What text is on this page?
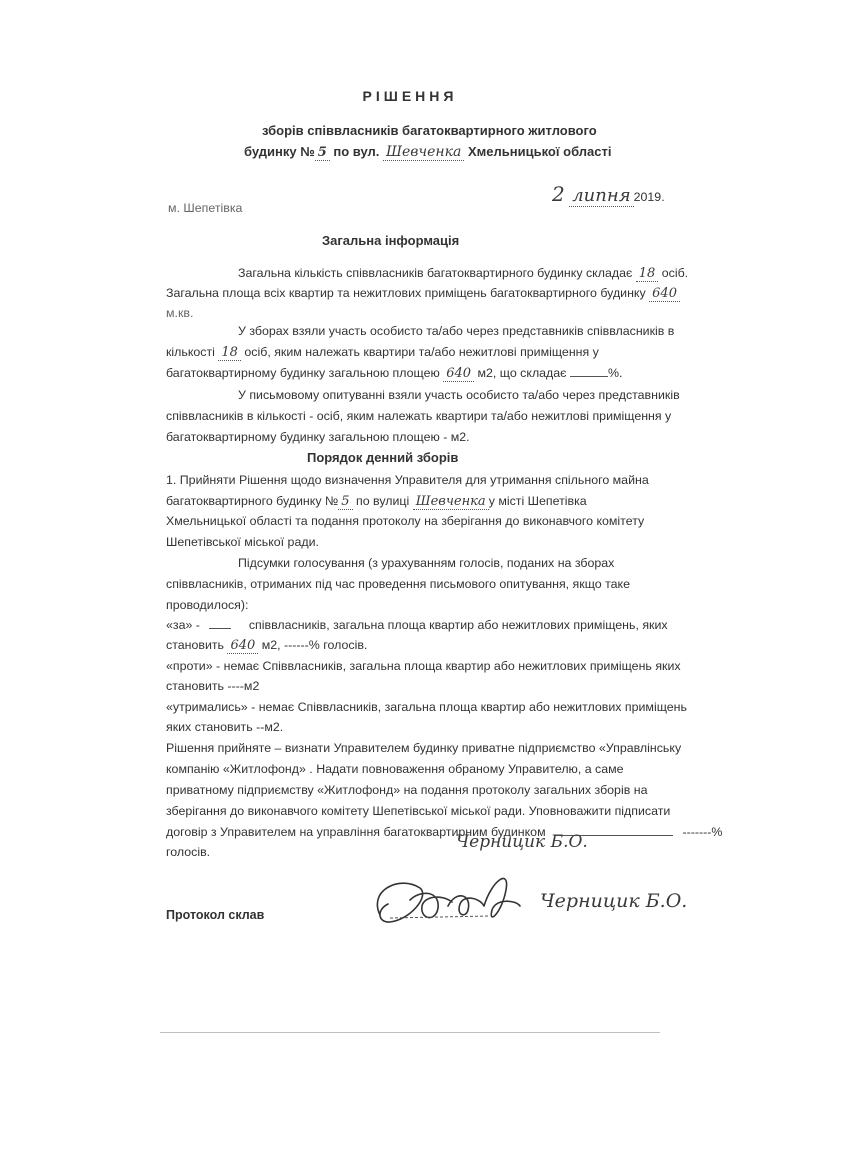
РІШЕННЯ
зборів співвласників багатоквартирного житлового
будинку № 5 по вул. Шевченка Хмельницької області
м. Шепетівка
2 липня 2019.
Загальна інформація
Загальна кількість співвласників багатоквартирного будинку складає 18 осіб.
Загальна площа всіх квартир та нежитлових приміщень багатоквартирного будинку 640
м.кв.
У зборах взяли участь особисто та/або через представників співвласників в
кількості 18 осіб, яким належать квартири та/або нежитлові приміщення у
багатоквартирному будинку загальною площею 640 м2, що складає	%.
У письмовому опитуванні взяли участь особисто та/або через представників
співвласників в кількості - осіб, яким належать квартири та/або нежитлові приміщення у
багатоквартирному будинку загальною площею - м2.
Порядок денний зборів
1. Прийняти Рішення щодо визначення Управителя для утримання спільного майна
багатоквартирного будинку № 5 по вулиці Шевченка у місті Шепетівка
Хмельницької області та подання протоколу на зберігання до виконавчого комітету
Шепетівської міської ради.
Підсумки голосування (з урахуванням голосів, поданих на зборах
співвласників, отриманих під час проведення письмового опитування, якщо таке
проводилося):
«за» -	співвласників, загальна площа квартир або нежитлових приміщень, яких
становить 640 м2, ------% голосів.
«проти» - немає Співвласників, загальна площа квартир або нежитлових приміщень яких
становить ----м2
«утримались» - немає Співвласників, загальна площа квартир або нежитлових приміщень
яких становить --м2.
Рішення прийняте – визнати Управителем будинку приватне підприємство «Управлінську
компанію «Житлофонд» . Надати повноваження обраному Управителю, а саме
приватному підприємству «Житлофонд» на подання протоколу загальних зборів на
зберігання до виконавчого комітету Шепетівської міської ради. Уповноважити підписати
договір з Управителем на управління багатоквартирним будинком	-------%
голосів.	Черницик Б.О.
Протокол склав
Черницик Б.О.
